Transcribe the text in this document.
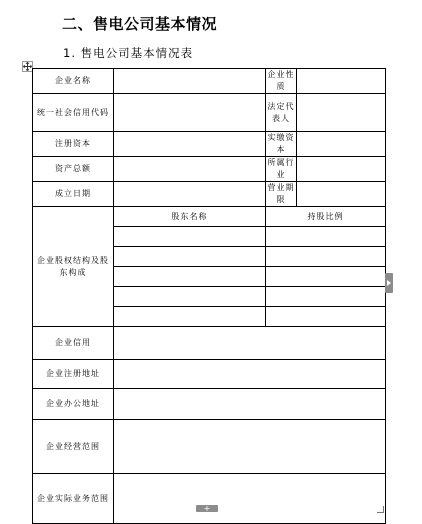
二、售电公司基本情况
1. 售电公司基本情况表
企业名称		企业性质	
统一社会信用代码		法定代表人	
注册资本		实缴资本	
资产总额		所属行业	
成立日期		营业期限	
企业股权结构及股东构成	股东名称	持股比例	

企业信用			
企业注册地址			
企业办公地址			
企业经营范围			
企业实际业务范围			
+
